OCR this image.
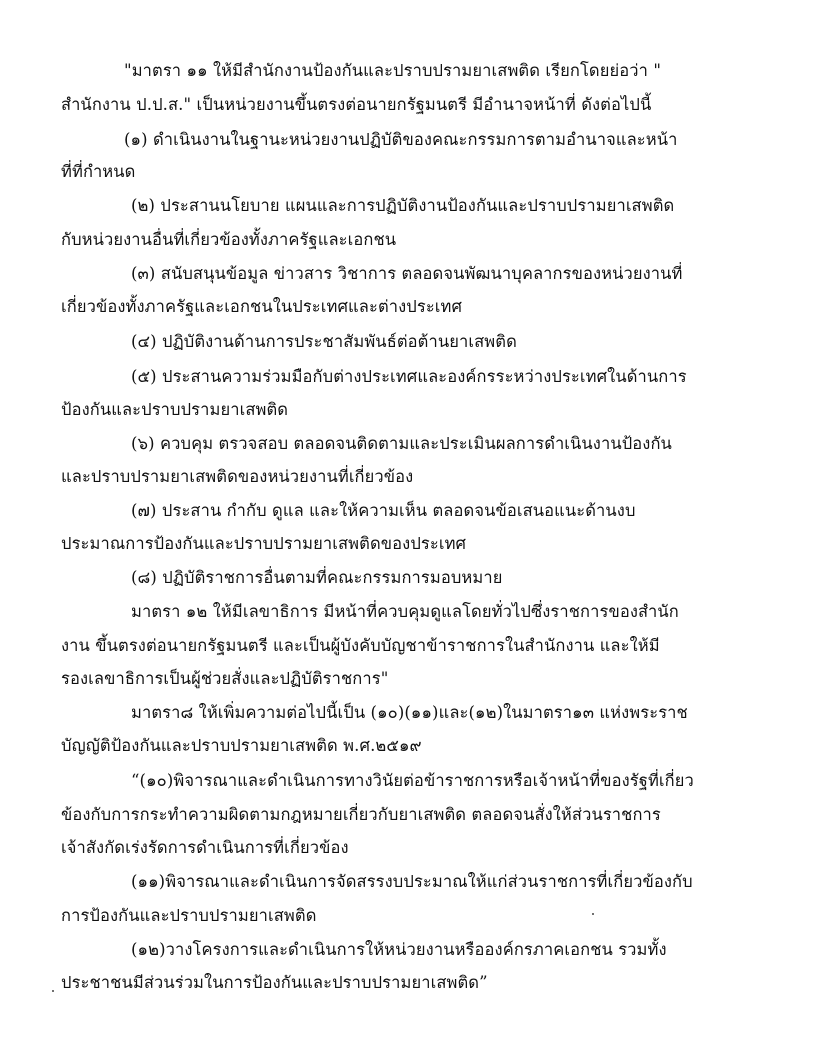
"มาตรา ๑๑ ให้มีสำนักงานป้องกันและปราบปรามยาเสพติด เรียกโดยย่อว่า "
สำนักงาน ป.ป.ส." เป็นหน่วยงานขึ้นตรงต่อนายกรัฐมนตรี มีอำนาจหน้าที่ ดังต่อไปนี้
(๑) ดำเนินงานในฐานะหน่วยงานปฏิบัติของคณะกรรมการตามอำนาจและหน้า
ที่ที่กำหนด
(๒) ประสานนโยบาย แผนและการปฏิบัติงานป้องกันและปราบปรามยาเสพติด
กับหน่วยงานอื่นที่เกี่ยวข้องทั้งภาครัฐและเอกชน
(๓) สนับสนุนข้อมูล ข่าวสาร วิชาการ ตลอดจนพัฒนาบุคลากรของหน่วยงานที่
เกี่ยวข้องทั้งภาครัฐและเอกชนในประเทศและต่างประเทศ
(๔) ปฏิบัติงานด้านการประชาสัมพันธ์ต่อต้านยาเสพติด
(๕) ประสานความร่วมมือกับต่างประเทศและองค์กรระหว่างประเทศในด้านการ
ป้องกันและปราบปรามยาเสพติด
(๖) ควบคุม ตรวจสอบ ตลอดจนติดตามและประเมินผลการดำเนินงานป้องกัน
และปราบปรามยาเสพติดของหน่วยงานที่เกี่ยวข้อง
(๗) ประสาน กำกับ ดูแล และให้ความเห็น ตลอดจนข้อเสนอแนะด้านงบ
ประมาณการป้องกันและปราบปรามยาเสพติดของประเทศ
(๘) ปฏิบัติราชการอื่นตามที่คณะกรรมการมอบหมาย
มาตรา ๑๒ ให้มีเลขาธิการ มีหน้าที่ควบคุมดูแลโดยทั่วไปซึ่งราชการของสำนัก
งาน ขึ้นตรงต่อนายกรัฐมนตรี และเป็นผู้บังคับบัญชาข้าราชการในสำนักงาน และให้มี
รองเลขาธิการเป็นผู้ช่วยสั่งและปฏิบัติราชการ"
มาตรา๘ ให้เพิ่มความต่อไปนี้เป็น (๑๐)(๑๑)และ(๑๒)ในมาตรา๑๓ แห่งพระราช
บัญญัติป้องกันและปราบปรามยาเสพติด พ.ศ.๒๕๑๙
“(๑๐)พิจารณาและดำเนินการทางวินัยต่อข้าราชการหรือเจ้าหน้าที่ของรัฐที่เกี่ยว
ข้องกับการกระทำความผิดตามกฎหมายเกี่ยวกับยาเสพติด ตลอดจนสั่งให้ส่วนราชการ
เจ้าสังกัดเร่งรัดการดำเนินการที่เกี่ยวข้อง
(๑๑)พิจารณาและดำเนินการจัดสรรงบประมาณให้แก่ส่วนราชการที่เกี่ยวข้องกับ
การป้องกันและปราบปรามยาเสพติด
(๑๒)วางโครงการและดำเนินการให้หน่วยงานหรือองค์กรภาคเอกชน รวมทั้ง
ประชาชนมีส่วนร่วมในการป้องกันและปราบปรามยาเสพติด”
